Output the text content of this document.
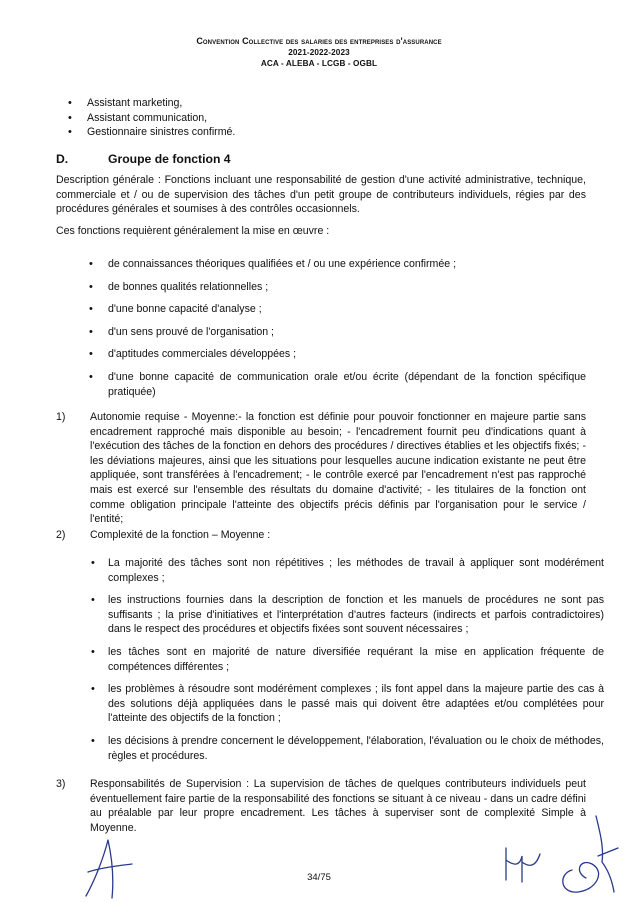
Convention Collective des salaries des entreprises d'assurance
2021-2022-2023
ACA - ALEBA - LCGB - OGBL
• Assistant marketing,
• Assistant communication,
• Gestionnaire sinistres confirmé.
D.	Groupe de fonction 4

Description générale : Fonctions incluant une responsabilité de gestion d'une activité administrative, technique, commerciale et / ou de supervision des tâches d'un petit groupe de contributeurs individuels, régies par des procédures générales et soumises à des contrôles occasionnels.

Ces fonctions requièrent généralement la mise en œuvre :

• de connaissances théoriques qualifiées et / ou une expérience confirmée ;
• de bonnes qualités relationnelles ;
• d'une bonne capacité d'analyse ;
• d'un sens prouvé de l'organisation ;
• d'aptitudes commerciales développées ;
• d'une bonne capacité de communication orale et/ou écrite (dépendant de la fonction spécifique pratiquée)
1) Autonomie requise - Moyenne:- la fonction est définie pour pouvoir fonctionner en majeure partie sans encadrement rapproché mais disponible au besoin; - l'encadrement fournit peu d'indications quant à l'exécution des tâches de la fonction en dehors des procédures / directives établies et les objectifs fixés; - les déviations majeures, ainsi que les situations pour lesquelles aucune indication existante ne peut être appliquée, sont transférées à l'encadrement; - le contrôle exercé par l'encadrement n'est pas rapproché mais est exercé sur l'ensemble des résultats du domaine d'activité; - les titulaires de la fonction ont comme obligation principale l'atteinte des objectifs précis définis par l'organisation pour le service / l'entité;
2) Complexité de la fonction – Moyenne :
• La majorité des tâches sont non répétitives ; les méthodes de travail à appliquer sont modérément complexes ;
• les instructions fournies dans la description de fonction et les manuels de procédures ne sont pas suffisants ; la prise d'initiatives et l'interprétation d'autres facteurs (indirects et parfois contradictoires) dans le respect des procédures et objectifs fixées sont souvent nécessaires ;
• les tâches sont en majorité de nature diversifiée requérant la mise en application fréquente de compétences différentes ;
• les problèmes à résoudre sont modérément complexes ; ils font appel dans la majeure partie des cas à des solutions déjà appliquées dans le passé mais qui doivent être adaptées et/ou complétées pour l'atteinte des objectifs de la fonction ;
• les décisions à prendre concernent le développement, l'élaboration, l'évaluation ou le choix de méthodes, règles et procédures.
3) Responsabilités de Supervision : La supervision de tâches de quelques contributeurs individuels peut éventuellement faire partie de la responsabilité des fonctions se situant à ce niveau - dans un cadre défini au préalable par leur propre encadrement. Les tâches à superviser sont de complexité Simple à Moyenne.
34/75
